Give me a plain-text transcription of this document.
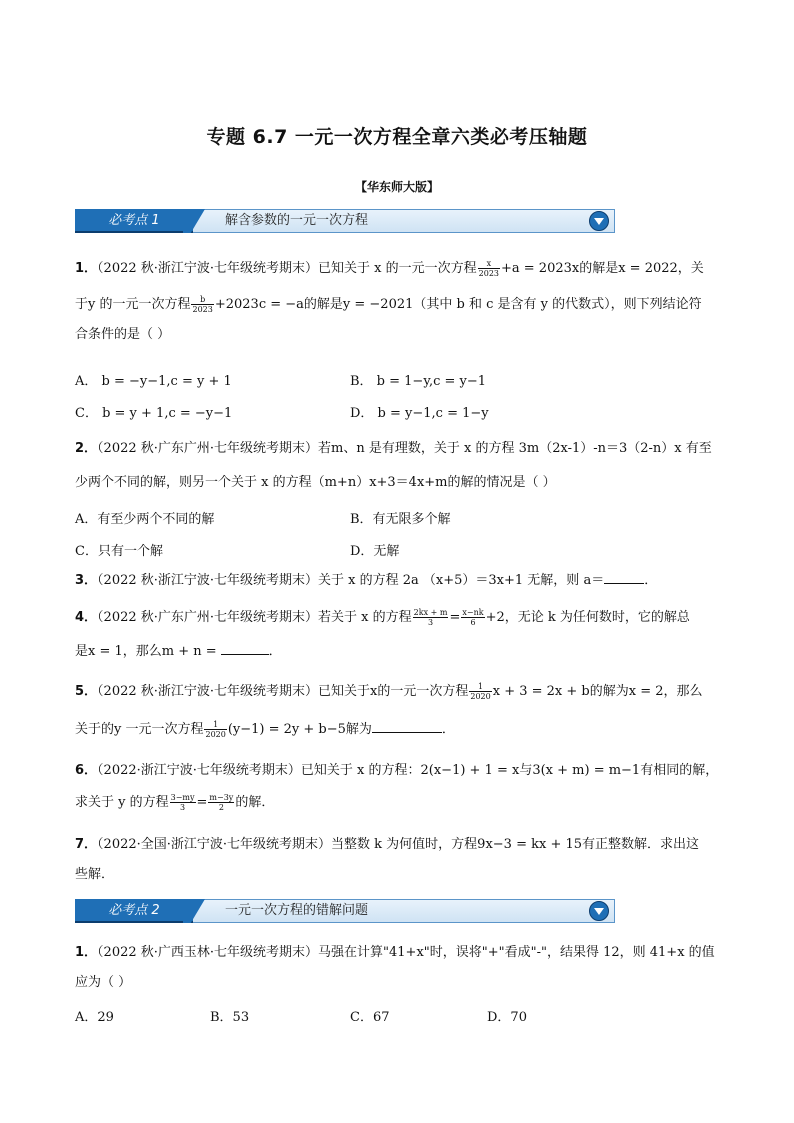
专题 6.7 一元一次方程全章六类必考压轴题
【华东师大版】
必考点 1	解含参数的一元一次方程
1．（2022 秋·浙江宁波·七年级统考期末）已知关于 x 的一元一次方程 $\frac{x}{2023} +a = 2023x$的解是x = 2022，关
于y 的一元一次方程 $\frac{b}{2023} +2023c = -a$的解是y = −2021（其中 b 和 c 是含有 y 的代数式），则下列结论符
合条件的是（ ）
A． b = −y−1,c = y + 1	B． b = 1−y,c = y−1
C． b = y + 1,c = −y−1	D． b = y−1,c = 1−y
2．（2022 秋·广东广州·七年级统考期末）若m、n 是有理数，关于 x 的方程 3m（2x-1）-n＝3（2-n）x 有至
少两个不同的解，则另一个关于 x 的方程（m+n）x+3＝4x+m的解的情况是（ ）
A．有至少两个不同的解	B．有无限多个解
C．只有一个解	D．无解
3．（2022 秋·浙江宁波·七年级统考期末）关于 x 的方程 2a （x+5）＝3x+1 无解，则 a＝	．
4．（2022 秋·广东广州·七年级统考期末）若关于 x 的方程 $\frac{2kx + m}{3} = \frac{x-nk}{6} +2$，无论 k 为任何数时，它的解总
是x = 1，那么m + n =	．
5．（2022 秋·浙江宁波·七年级统考期末）已知关于x的一元一次方程 $\frac{1}{2020}$ x + 3 = 2x + b的解为x = 2，那么
关于的y 一元一次方程 $\frac{1}{2020} (y-1) = 2y + b-5$解为	．
6．（2022·浙江宁波·七年级统考期末）已知关于 x 的方程：2(x−1) + 1 = x与3(x + m) = m−1有相同的解，
求关于 y 的方程 $\frac{3-my}{3} = \frac{m-3y}{2}$ 的解．
7．（2022·全国·浙江宁波·七年级统考期末）当整数 k 为何值时，方程9x−3 = kx + 15有正整数解．求出这
些解．
必考点 2	一元一次方程的错解问题
1．（2022 秋·广西玉林·七年级统考期末）马强在计算"41+x"时，误将"+"看成"-"，结果得 12，则 41+x 的值
应为（ ）
A．29	B．53	C．67	D．70
